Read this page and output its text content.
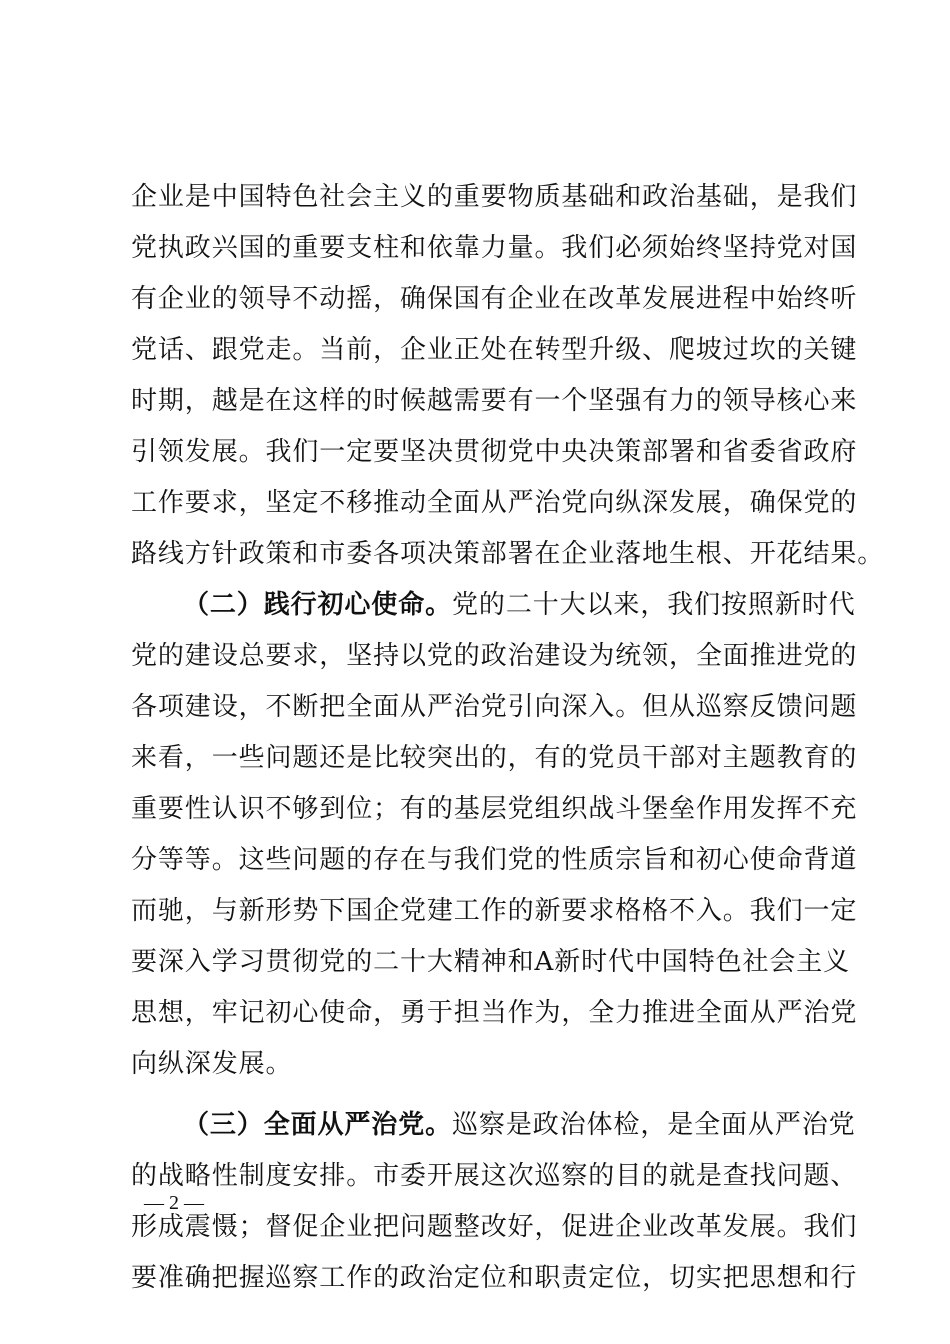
企业是中国特色社会主义的重要物质基础和政治基础，是我们
党执政兴国的重要支柱和依靠力量。我们必须始终坚持党对国
有企业的领导不动摇，确保国有企业在改革发展进程中始终听
党话、跟党走。当前，企业正处在转型升级、爬坡过坎的关键
时期，越是在这样的时候越需要有一个坚强有力的领导核心来
引领发展。我们一定要坚决贯彻党中央决策部署和省委省政府
工作要求，坚定不移推动全面从严治党向纵深发展，确保党的
路线方针政策和市委各项决策部署在企业落地生根、开花结果。
（二）践行初心使命。党的二十大以来，我们按照新时代
党的建设总要求，坚持以党的政治建设为统领，全面推进党的
各项建设，不断把全面从严治党引向深入。但从巡察反馈问题
来看，一些问题还是比较突出的，有的党员干部对主题教育的
重要性认识不够到位；有的基层党组织战斗堡垒作用发挥不充
分等等。这些问题的存在与我们党的性质宗旨和初心使命背道
而驰，与新形势下国企党建工作的新要求格格不入。我们一定
要深入学习贯彻党的二十大精神和A新时代中国特色社会主义
思想，牢记初心使命，勇于担当作为，全力推进全面从严治党
向纵深发展。
（三）全面从严治党。巡察是政治体检，是全面从严治党
的战略性制度安排。市委开展这次巡察的目的就是查找问题、
形成震慑；督促企业把问题整改好，促进企业改革发展。我们
要准确把握巡察工作的政治定位和职责定位，切实把思想和行
— 2 —
